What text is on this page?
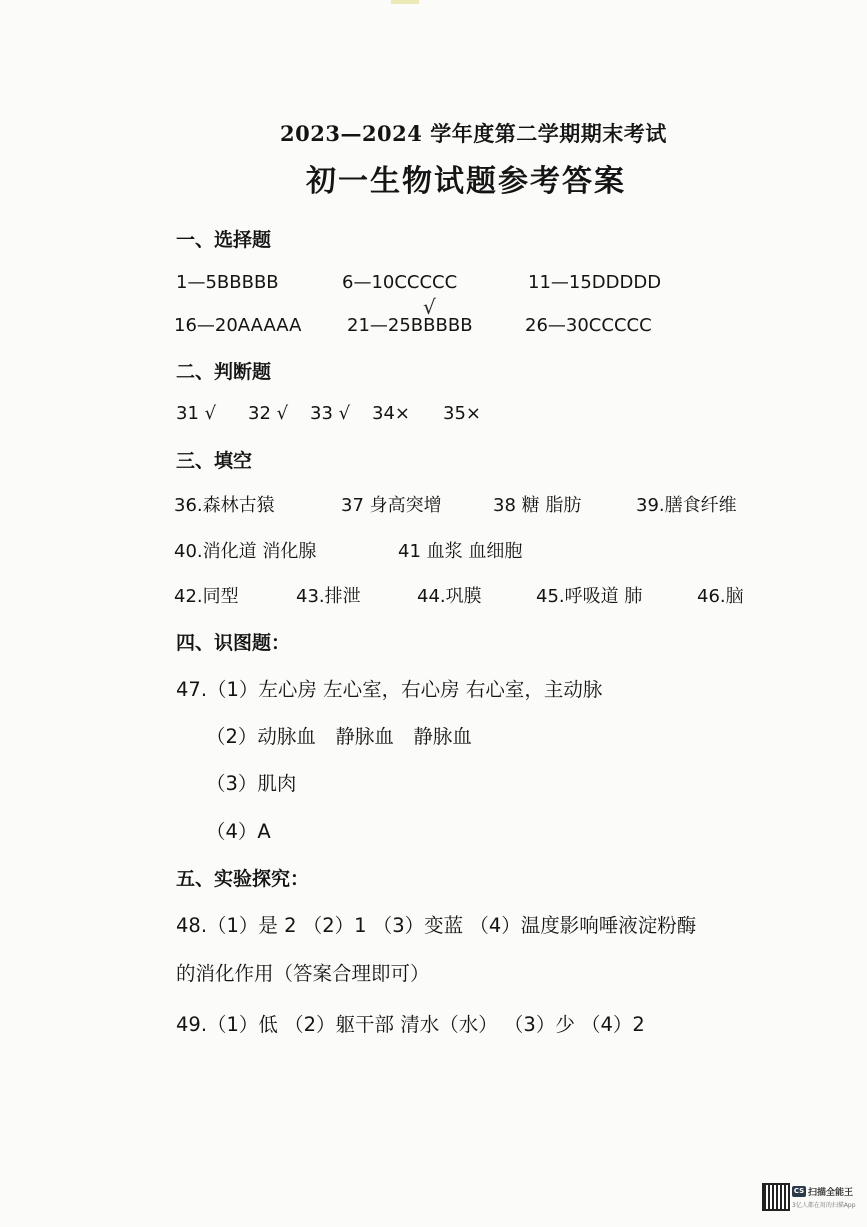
2023—2024 学年度第二学期期末考试
初一生物试题参考答案
一、选择题
1—5BBBBB	6—10CCCCC	11—15DDDDD
16—20AAAAA	21—25BBBBB	26—30CCCCC
√
二、判断题
31 √ 32 √ 33 √ 34× 35×
三、填空
36.森林古猿	37 身高突增	38 糖 脂肪	39.膳食纤维
40.消化道 消化腺	41 血浆 血细胞
42.同型	43.排泄	44.巩膜	45.呼吸道 肺	46.脑
四、识图题：
47.（1）左心房 左心室，右心房 右心室，主动脉
（2）动脉血　静脉血　静脉血
（3）肌肉
（4）A
五、实验探究：
48.（1）是 2 （2）1 （3）变蓝 （4）温度影响唾液淀粉酶
的消化作用（答案合理即可）
49.（1）低 （2）躯干部 清水（水） （3）少 （4）2
CS 扫描全能王
3亿人都在用的扫描App
